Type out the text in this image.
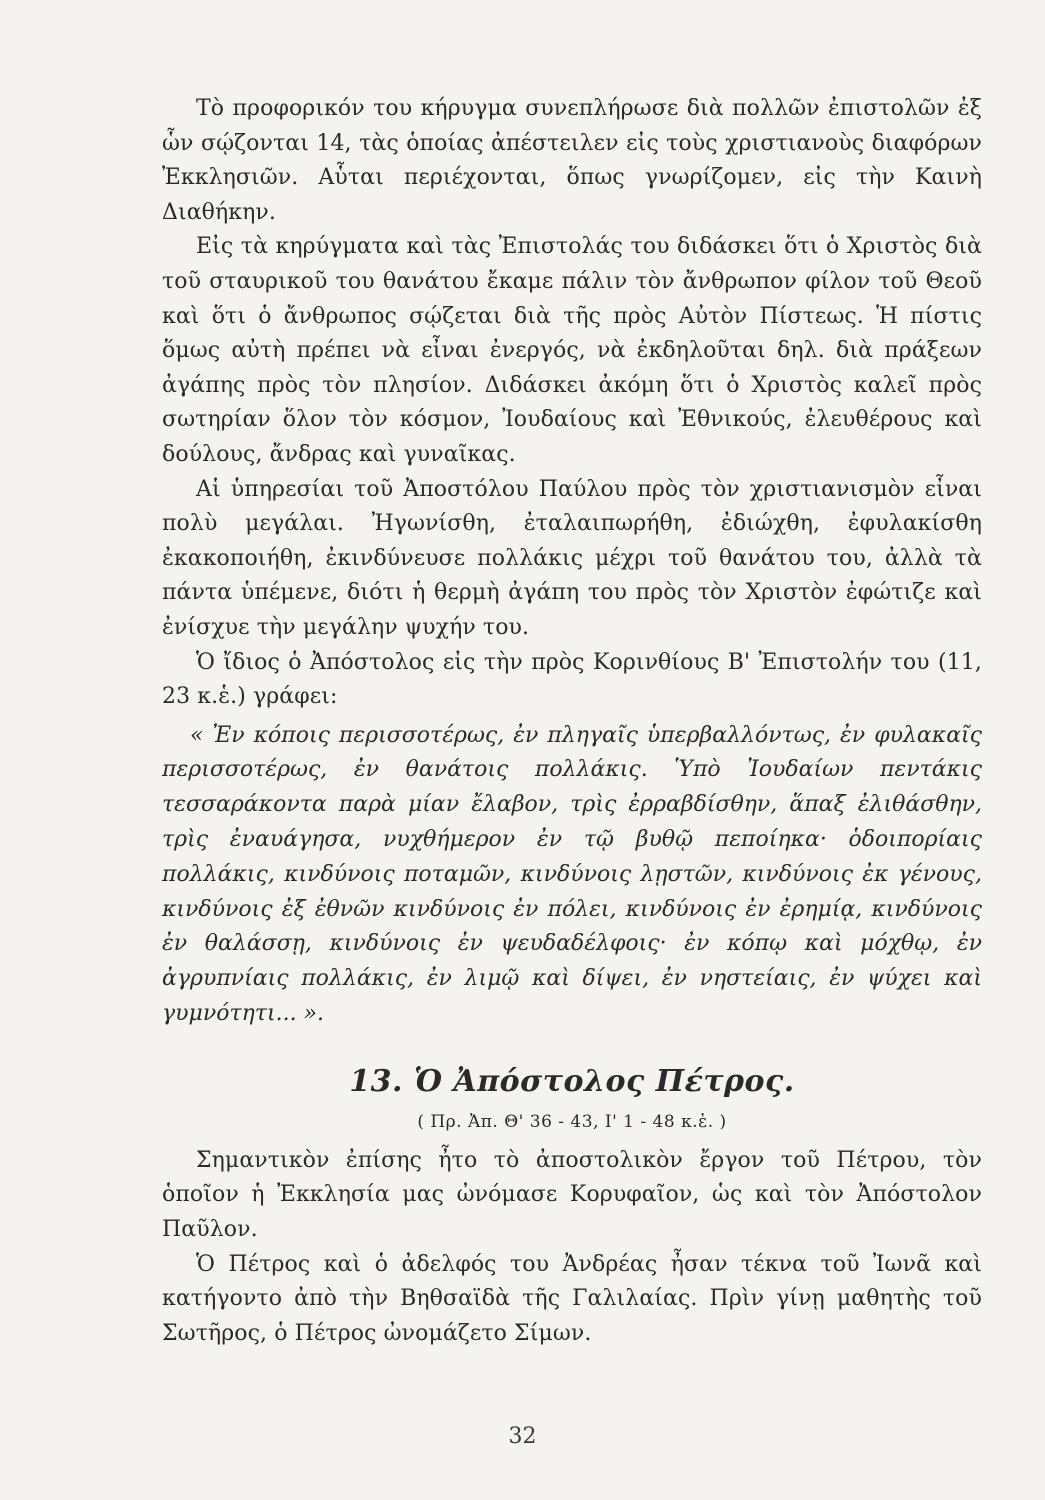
Τὸ προφορικόν του κήρυγμα συνεπλήρωσε διὰ πολλῶν ἐπιστολῶν ἐξ ὧν σῴζονται 14, τὰς ὁποίας ἀπέστειλεν εἰς τοὺς χριστιανοὺς διαφόρων Ἐκκλησιῶν. Αὗται περιέχονται, ὅπως γνωρίζομεν, εἰς τὴν Καινὴ Διαθήκην.

Εἰς τὰ κηρύγματα καὶ τὰς Ἐπιστολάς του διδάσκει ὅτι ὁ Χριστὸς διὰ τοῦ σταυρικοῦ του θανάτου ἔκαμε πάλιν τὸν ἄνθρωπον φίλον τοῦ Θεοῦ καὶ ὅτι ὁ ἄνθρωπος σῴζεται διὰ τῆς πρὸς Αὐτὸν Πίστεως. Ἡ πίστις ὅμως αὐτὴ πρέπει νὰ εἶναι ἐνεργός, νὰ ἐκδηλοῦται δηλ. διὰ πράξεων ἀγάπης πρὸς τὸν πλησίον. Διδάσκει ἀκόμη ὅτι ὁ Χριστὸς καλεῖ πρὸς σωτηρίαν ὅλον τὸν κόσμον, Ἰουδαίους καὶ Ἐθνικούς, ἐλευθέρους καὶ δούλους, ἄνδρας καὶ γυναῖκας.

Αἱ ὑπηρεσίαι τοῦ Ἀποστόλου Παύλου πρὸς τὸν χριστιανισμὸν εἶναι πολὺ μεγάλαι. Ἠγωνίσθη, ἐταλαιπωρήθη, ἐδιώχθη, ἐφυλακίσθη ἐκακοποιήθη, ἐκινδύνευσε πολλάκις μέχρι τοῦ θανάτου του, ἀλλὰ τὰ πάντα ὑπέμενε, διότι ἡ θερμὴ ἀγάπη του πρὸς τὸν Χριστὸν ἐφώτιζε καὶ ἐνίσχυε τὴν μεγάλην ψυχήν του.

Ὁ ἴδιος ὁ Ἀπόστολος εἰς τὴν πρὸς Κορινθίους Β' Ἐπιστολήν του (11, 23 κ.ἑ.) γράφει:

« Ἐν κόποις περισσοτέρως, ἐν πληγαῖς ὑπερβαλλόντως, ἐν φυλακαῖς περισσοτέρως, ἐν θανάτοις πολλάκις. Ὑπὸ Ἰουδαίων πεντάκις τεσσαράκοντα παρὰ μίαν ἔλαβον, τρὶς ἐρραβδίσθην, ἅπαξ ἐλιθάσθην, τρὶς ἐναυάγησα, νυχθήμερον ἐν τῷ βυθῷ πεποίηκα· ὁδοιπορίαις πολλάκις, κινδύνοις ποταμῶν, κινδύνοις λῃστῶν, κινδύνοις ἐκ γένους, κινδύνοις ἐξ ἐθνῶν κινδύνοις ἐν πόλει, κινδύνοις ἐν ἐρημίᾳ, κινδύνοις ἐν θαλάσσῃ, κινδύνοις ἐν ψευδαδέλφοις· ἐν κόπῳ καὶ μόχθῳ, ἐν ἀγρυπνίαις πολλάκις, ἐν λιμῷ καὶ δίψει, ἐν νηστείαις, ἐν ψύχει καὶ γυμνότητι... ».

13. Ὁ Ἀπόστολος Πέτρος.
( Πρ. Ἀπ. Θ' 36 - 43, Ι' 1 - 48 κ.ἑ. )

Σημαντικὸν ἐπίσης ἦτο τὸ ἀποστολικὸν ἔργον τοῦ Πέτρου, τὸν ὁποῖον ἡ Ἐκκλησία μας ὠνόμασε Κορυφαῖον, ὡς καὶ τὸν Ἀπόστολον Παῦλον.

Ὁ Πέτρος καὶ ὁ ἀδελφός του Ἀνδρέας ἦσαν τέκνα τοῦ Ἰωνᾶ καὶ κατήγοντο ἀπὸ τὴν Βηθσαϊδὰ τῆς Γαλιλαίας. Πρὶν γίνῃ μαθητὴς τοῦ Σωτῆρος, ὁ Πέτρος ὠνομάζετο Σίμων.

32
